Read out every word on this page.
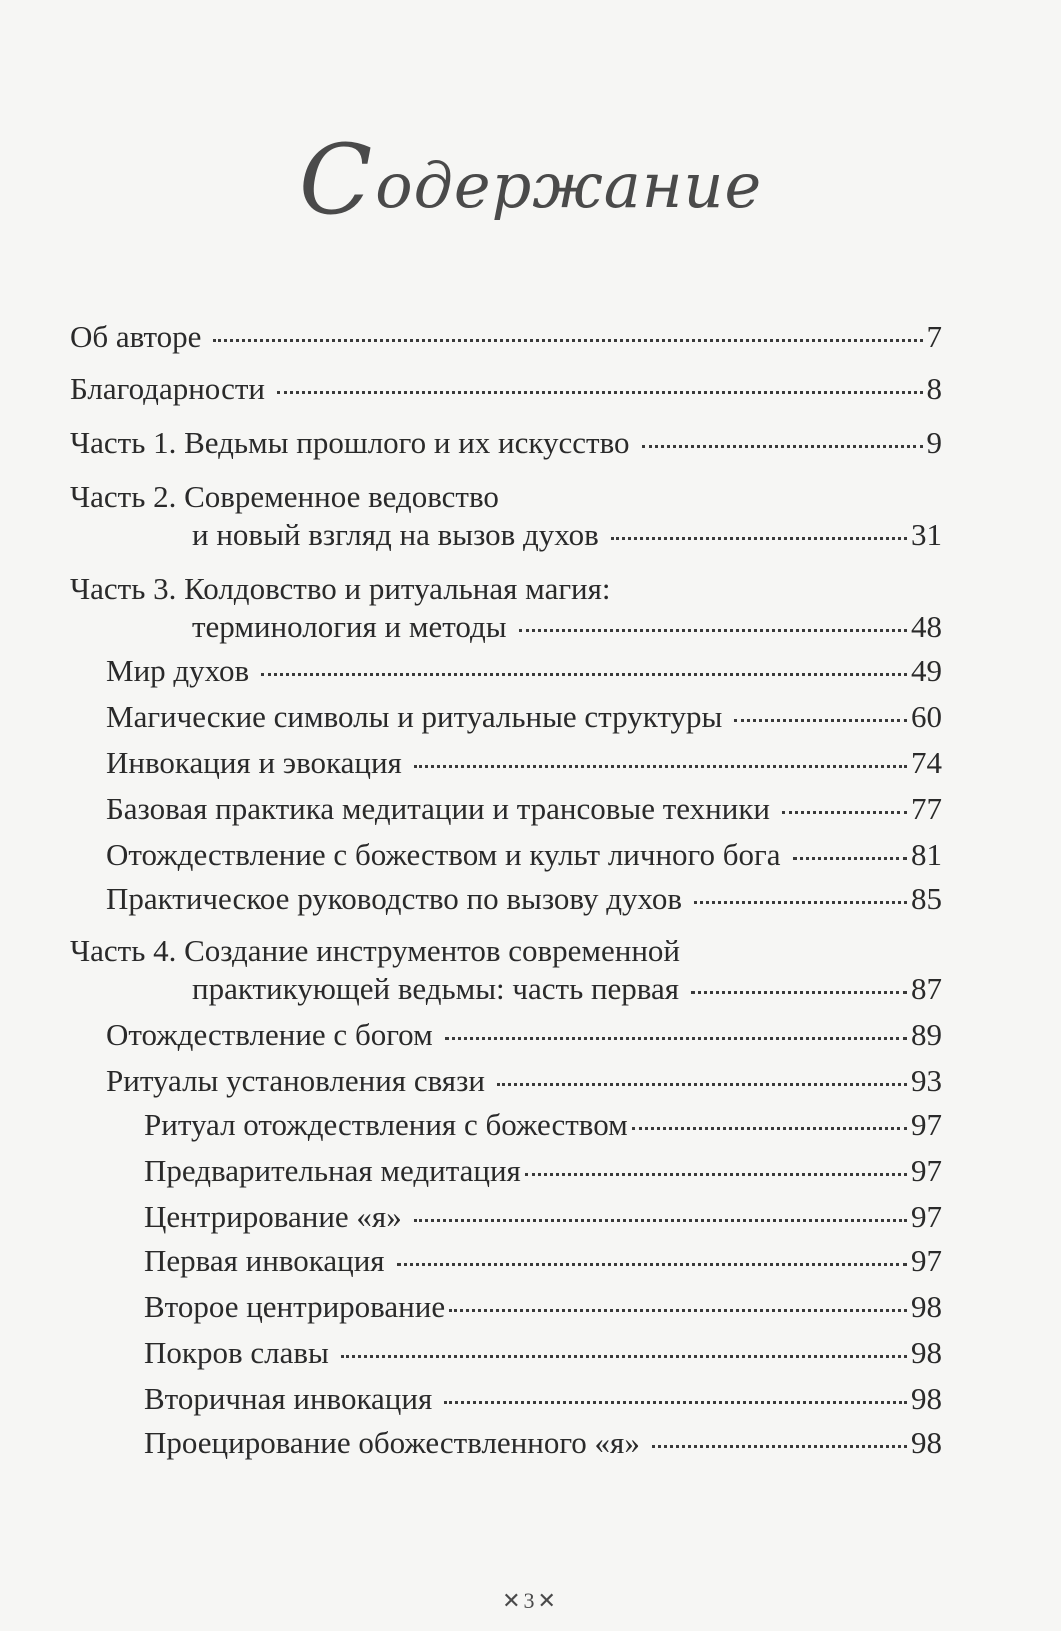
Содержание
Об авторе	7
Благодарности	8
Часть 1. Ведьмы прошлого и их искусство	9
Часть 2. Современное ведовство
и новый взгляд на вызов духов	31
Часть 3. Колдовство и ритуальная магия:
терминология и методы	48
Мир духов	49
Магические символы и ритуальные структуры	60
Инвокация и эвокация	74
Базовая практика медитации и трансовые техники	77
Отождествление с божеством и культ личного бога	81
Практическое руководство по вызову духов	85
Часть 4. Создание инструментов современной
практикующей ведьмы: часть первая	87
Отождествление с богом	89
Ритуалы установления связи	93
Ритуал отождествления с божеством	97
Предварительная медитация	97
Центрирование «я»	97
Первая инвокация	97
Второе центрирование	98
Покров славы	98
Вторичная инвокация	98
Проецирование обожествленного «я»	98
✕3✕
